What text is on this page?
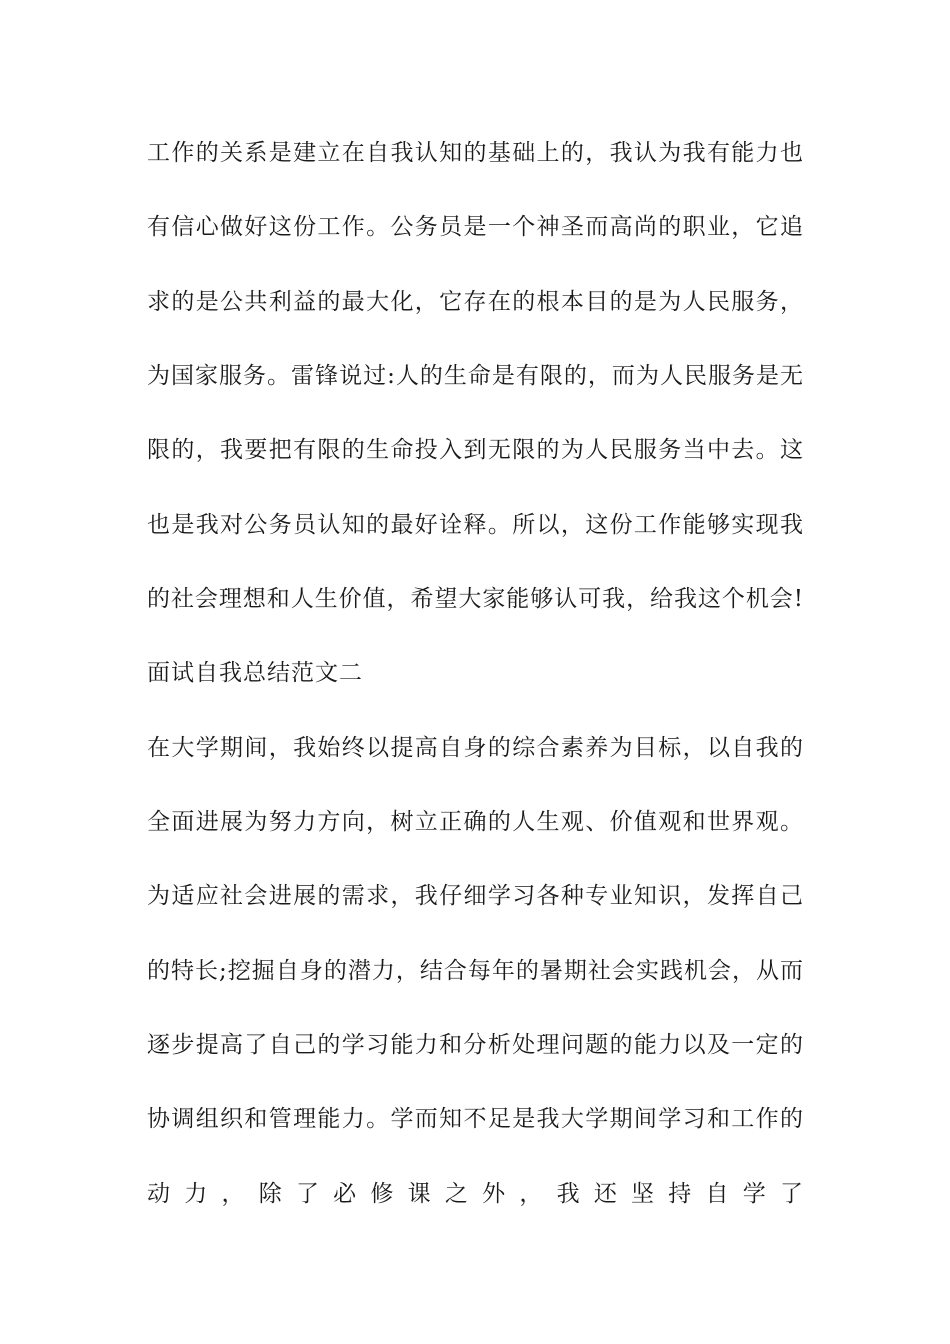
工作的关系是建立在自我认知的基础上的，我认为我有能力也
有信心做好这份工作。公务员是一个神圣而高尚的职业，它追
求的是公共利益的最大化，它存在的根本目的是为人民服务，
为国家服务。雷锋说过:人的生命是有限的，而为人民服务是无
限的，我要把有限的生命投入到无限的为人民服务当中去。这
也是我对公务员认知的最好诠释。所以，这份工作能够实现我
的社会理想和人生价值，希望大家能够认可我，给我这个机会!
面试自我总结范文二
在大学期间，我始终以提高自身的综合素养为目标，以自我的
全面进展为努力方向，树立正确的人生观、价值观和世界观。
为适应社会进展的需求，我仔细学习各种专业知识，发挥自己
的特长;挖掘自身的潜力，结合每年的暑期社会实践机会，从而
逐步提高了自己的学习能力和分析处理问题的能力以及一定的
协调组织和管理能力。学而知不足是我大学期间学习和工作的
动 力 ， 除 了 必 修 课 之 外 ， 我 还 坚 持 自 学 了
